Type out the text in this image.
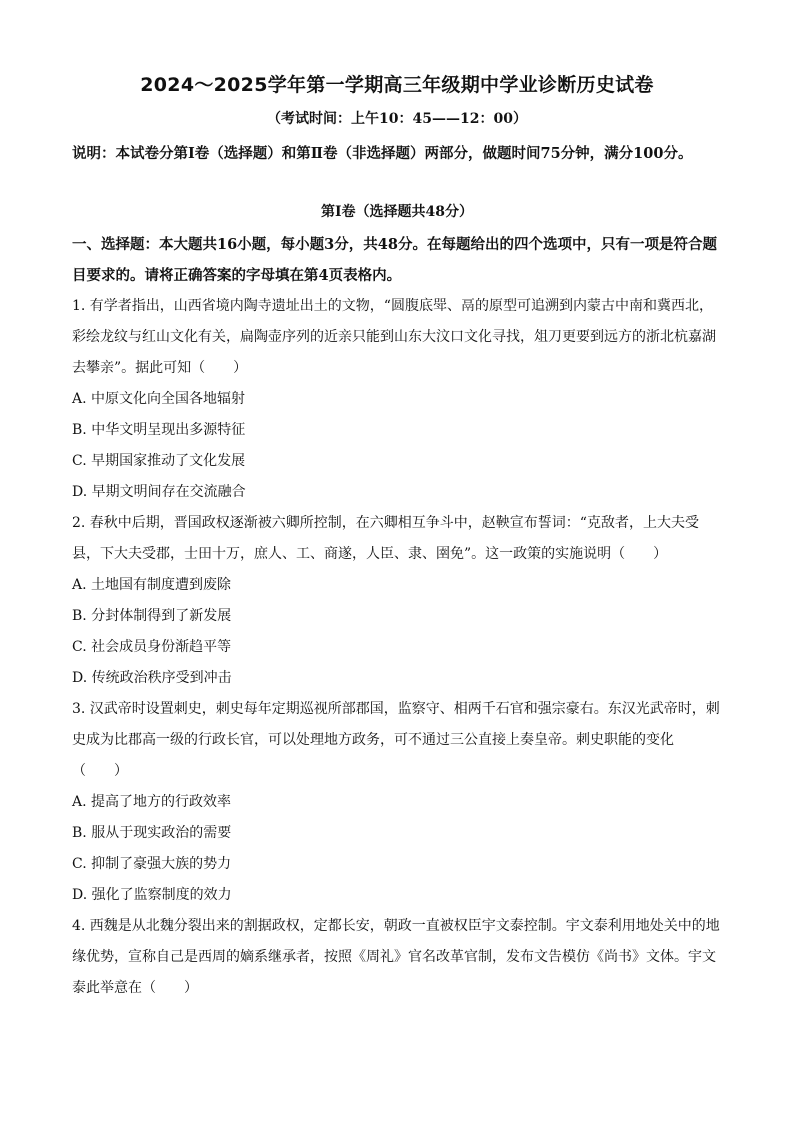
2024～2025学年第一学期高三年级期中学业诊断历史试卷
（考试时间：上午10：45——12：00）
说明：本试卷分第Ⅰ卷（选择题）和第Ⅱ卷（非选择题）两部分，做题时间75分钟，满分100分。
第Ⅰ卷（选择题共48分）
一、选择题：本大题共16小题，每小题3分，共48分。在每题给出的四个选项中，只有一项是符合题目要求的。请将正确答案的字母填在第4页表格内。

1. 有学者指出，山西省境内陶寺遗址出土的文物，“圆腹底斝、鬲的原型可追溯到内蒙古中南和冀西北，彩绘龙纹与红山文化有关，扁陶壶序列的近亲只能到山东大汶口文化寻找，俎刀更要到远方的浙北杭嘉湖去攀亲”。据此可知（　　）

A. 中原文化向全国各地辐射

B. 中华文明呈现出多源特征

C. 早期国家推动了文化发展

D. 早期文明间存在交流融合

2. 春秋中后期，晋国政权逐渐被六卿所控制，在六卿相互争斗中，赵鞅宣布誓词：“克敌者，上大夫受县，下大夫受郡，士田十万，庶人、工、商遂，人臣、隶、圉免”。这一政策的实施说明（　　）

A. 土地国有制度遭到废除

B. 分封体制得到了新发展

C. 社会成员身份渐趋平等

D. 传统政治秩序受到冲击

3. 汉武帝时设置刺史，刺史每年定期巡视所部郡国，监察守、相两千石官和强宗豪右。东汉光武帝时，刺史成为比郡高一级的行政长官，可以处理地方政务，可不通过三公直接上奏皇帝。刺史职能的变化（　　）

A. 提高了地方的行政效率

B. 服从于现实政治的需要

C. 抑制了豪强大族的势力

D. 强化了监察制度的效力

4. 西魏是从北魏分裂出来的割据政权，定都长安，朝政一直被权臣宇文泰控制。宇文泰利用地处关中的地缘优势，宣称自己是西周的嫡系继承者，按照《周礼》官名改革官制，发布文告模仿《尚书》文体。宇文泰此举意在（　　）
